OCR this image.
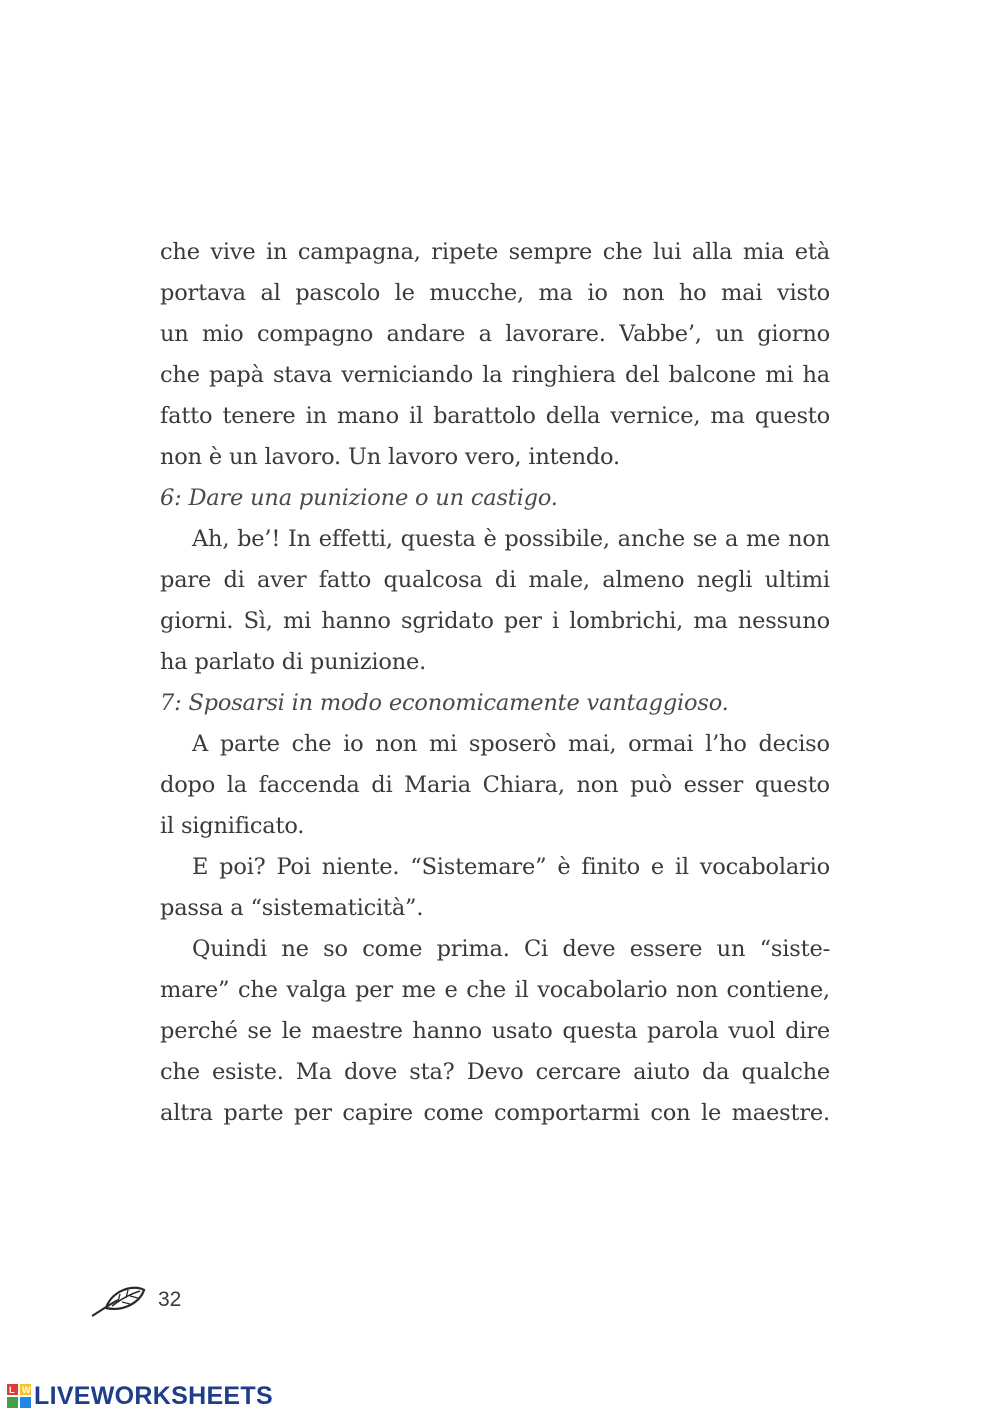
che vive in campagna, ripete sempre che lui alla mia età
portava al pascolo le mucche, ma io non ho mai visto
un mio compagno andare a lavorare. Vabbe’, un giorno
che papà stava verniciando la ringhiera del balcone mi ha
fatto tenere in mano il barattolo della vernice, ma questo
non è un lavoro. Un lavoro vero, intendo.
6: Dare una punizione o un castigo.
Ah, be’! In effetti, questa è possibile, anche se a me non
pare di aver fatto qualcosa di male, almeno negli ultimi
giorni. Sì, mi hanno sgridato per i lombrichi, ma nessuno
ha parlato di punizione.
7: Sposarsi in modo economicamente vantaggioso.
A parte che io non mi sposerò mai, ormai l’ho deciso
dopo la faccenda di Maria Chiara, non può esser questo
il significato.
E poi? Poi niente. “Sistemare” è finito e il vocabolario
passa a “sistematicità”.
Quindi ne so come prima. Ci deve essere un “siste-
mare” che valga per me e che il vocabolario non contiene,
perché se le maestre hanno usato questa parola vuol dire
che esiste. Ma dove sta? Devo cercare aiuto da qualche
altra parte per capire come comportarmi con le maestre.
32
L W LIVEWORKSHEETS
